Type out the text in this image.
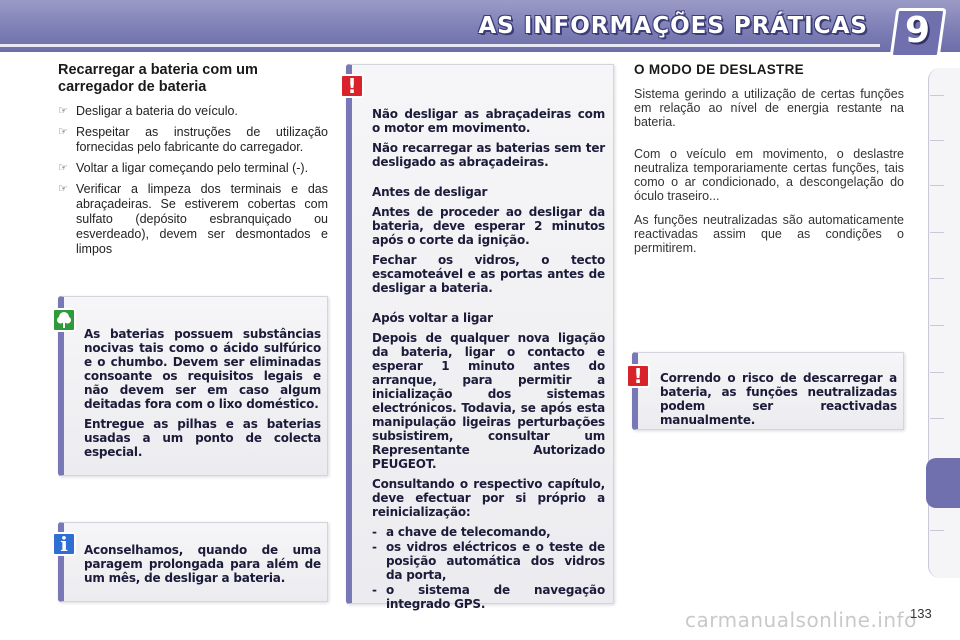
AS INFORMAÇÕES PRÁTICAS 9
Recarregar a bateria com um carregador de bateria
☞ Desligar a bateria do veículo.
☞ Respeitar as instruções de utilização fornecidas pelo fabricante do carregador.
☞ Voltar a ligar começando pelo terminal (-).
☞ Verificar a limpeza dos terminais e das abraçadeiras. Se estiverem cobertas com sulfato (depósito esbranquiçado ou esverdeado), devem ser desmontados e limpos

As baterias possuem substâncias nocivas tais como o ácido sulfúrico e o chumbo. Devem ser eliminadas consoante os requisitos legais e não devem ser em caso algum deitadas fora com o lixo doméstico.

Entregue as pilhas e as baterias usadas a um ponto de colecta especial.

Aconselhamos, quando de uma paragem prolongada para além de um mês, de desligar a bateria.
i

Não desligar as abraçadeiras com o motor em movimento.

Não recarregar as baterias sem ter desligado as abraçadeiras.

Antes de desligar

Antes de proceder ao desligar da bateria, deve esperar 2 minutos após o corte da ignição.

Fechar os vidros, o tecto escamoteável e as portas antes de desligar a bateria.

Após voltar a ligar

Depois de qualquer nova ligação da bateria, ligar o contacto e esperar 1 minuto antes do arranque, para permitir a inicialização dos sistemas electrónicos. Todavia, se após esta manipulação ligeiras perturbações subsistirem, consultar um Representante Autorizado PEUGEOT.

Consultando o respectivo capítulo, deve efectuar por si próprio a reinicialização:

- a chave de telecomando,
- os vidros eléctricos e o teste de posição automática dos vidros da porta,
- o sistema de navegação integrado GPS.
!
O MODO DE DESLASTRE

Sistema gerindo a utilização de certas funções em relação ao nível de energia restante na bateria.

Com o veículo em movimento, o deslastre neutraliza temporariamente certas funções, tais como o ar condicionado, a descongelação do óculo traseiro...

As funções neutralizadas são automaticamente reactivadas assim que as condições o permitirem.

Correndo o risco de descarregar a bateria, as funções neutralizadas podem ser reactivadas manualmente.
!
carmanualsonline.info
133
